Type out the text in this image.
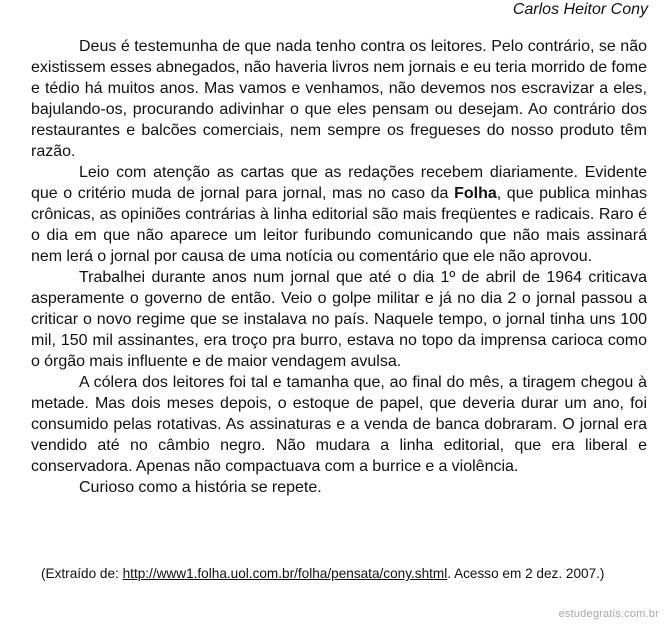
Carlos Heitor Cony

Deus é testemunha de que nada tenho contra os leitores. Pelo contrário, se não existissem esses abnegados, não haveria livros nem jornais e eu teria morrido de fome e tédio há muitos anos. Mas vamos e venhamos, não devemos nos escravizar a eles, bajulando-os, procurando adivinhar o que eles pensam ou desejam. Ao contrário dos restaurantes e balcões comerciais, nem sempre os fregueses do nosso produto têm razão.

Leio com atenção as cartas que as redações recebem diariamente. Evidente que o critério muda de jornal para jornal, mas no caso da Folha, que publica minhas crônicas, as opiniões contrárias à linha editorial são mais freqüentes e radicais. Raro é o dia em que não aparece um leitor furibundo comunicando que não mais assinará nem lerá o jornal por causa de uma notícia ou comentário que ele não aprovou.

Trabalhei durante anos num jornal que até o dia 1º de abril de 1964 criticava asperamente o governo de então. Veio o golpe militar e já no dia 2 o jornal passou a criticar o novo regime que se instalava no país. Naquele tempo, o jornal tinha uns 100 mil, 150 mil assinantes, era troço pra burro, estava no topo da imprensa carioca como o órgão mais influente e de maior vendagem avulsa.

A cólera dos leitores foi tal e tamanha que, ao final do mês, a tiragem chegou à metade. Mas dois meses depois, o estoque de papel, que deveria durar um ano, foi consumido pelas rotativas. As assinaturas e a venda de banca dobraram. O jornal era vendido até no câmbio negro. Não mudara a linha editorial, que era liberal e conservadora. Apenas não compactuava com a burrice e a violência.

Curioso como a história se repete.

(Extraído de: http://www1.folha.uol.com.br/folha/pensata/cony.shtml. Acesso em 2 dez. 2007.)
estudegratis.com.br
